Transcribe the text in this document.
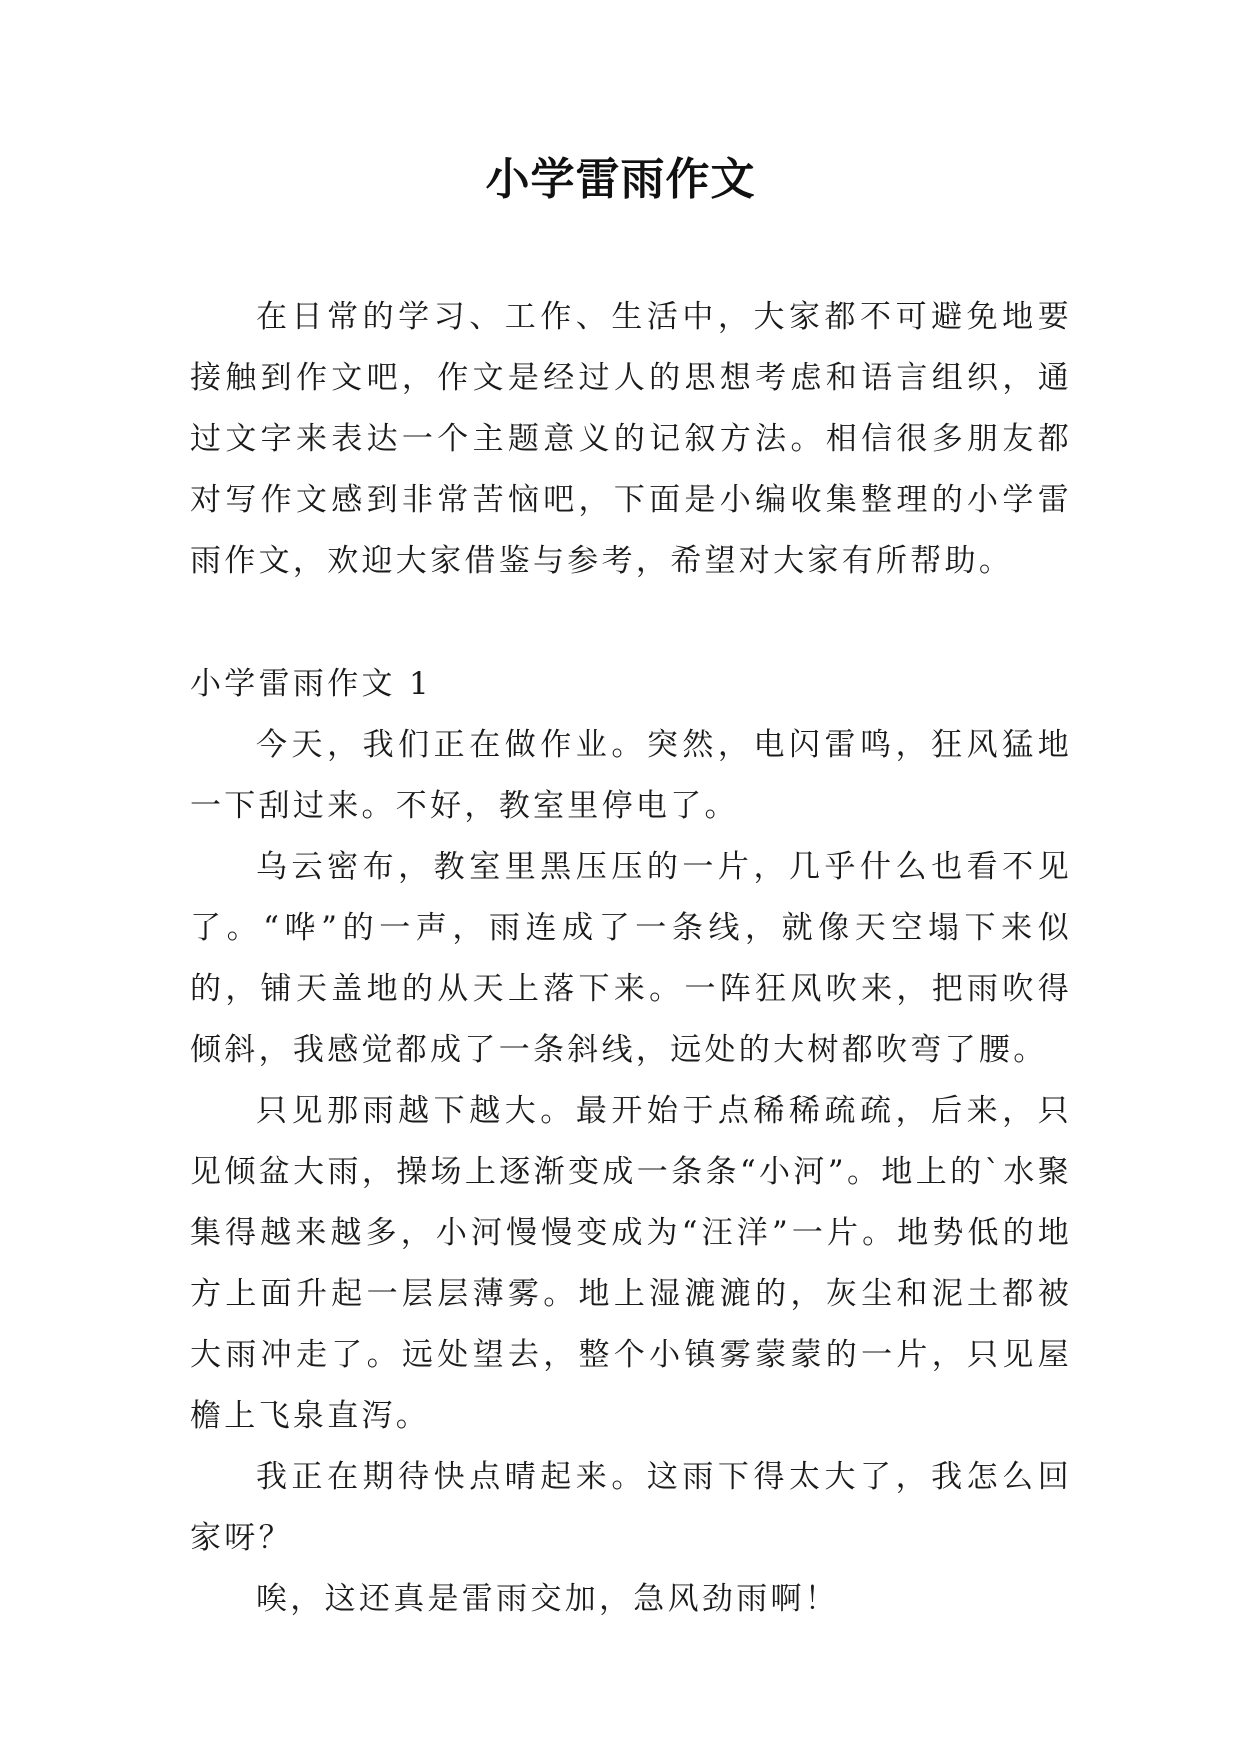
小学雷雨作文

在日常的学习、工作、生活中，大家都不可避免地要接触到作文吧，作文是经过人的思想考虑和语言组织，通过文字来表达一个主题意义的记叙方法。相信很多朋友都对写作文感到非常苦恼吧，下面是小编收集整理的小学雷雨作文，欢迎大家借鉴与参考，希望对大家有所帮助。

小学雷雨作文 1

今天，我们正在做作业。突然，电闪雷鸣，狂风猛地一下刮过来。不好，教室里停电了。

乌云密布，教室里黑压压的一片，几乎什么也看不见了。“哗”的一声，雨连成了一条线，就像天空塌下来似的，铺天盖地的从天上落下来。一阵狂风吹来，把雨吹得倾斜，我感觉都成了一条斜线，远处的大树都吹弯了腰。

只见那雨越下越大。最开始于点稀稀疏疏，后来，只见倾盆大雨，操场上逐渐变成一条条“小河”。地上的`水聚集得越来越多，小河慢慢变成为“汪洋”一片。地势低的地方上面升起一层层薄雾。地上湿漉漉的，灰尘和泥土都被大雨冲走了。远处望去，整个小镇雾蒙蒙的一片，只见屋檐上飞泉直泻。

我正在期待快点晴起来。这雨下得太大了，我怎么回家呀？

唉，这还真是雷雨交加，急风劲雨啊！
